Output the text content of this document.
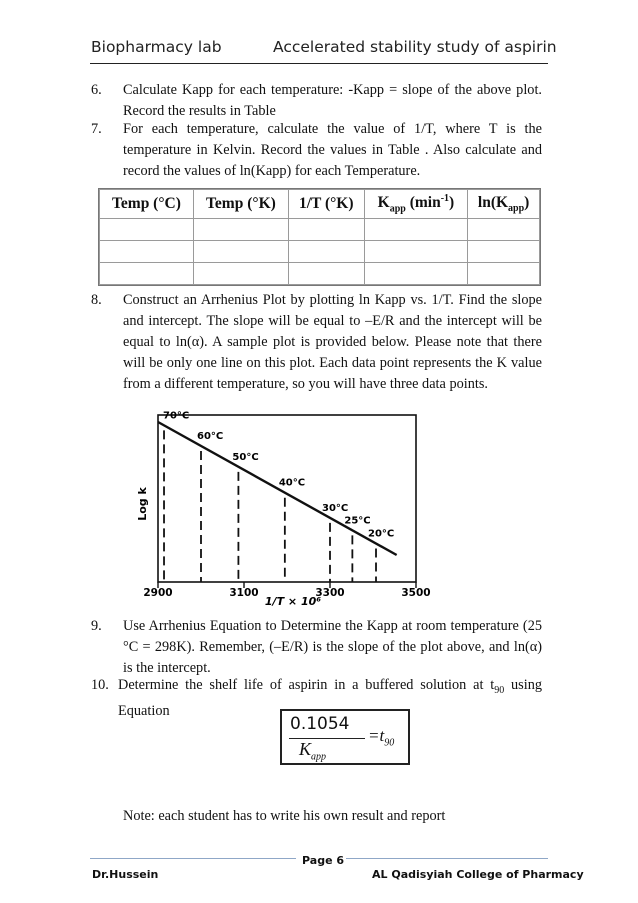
Biopharmacy lab	Accelerated stability study of aspirin
6. Calculate Kapp for each temperature: -Kapp = slope of the above plot. Record the results in Table
7. For each temperature, calculate the value of 1/T, where T is the temperature in Kelvin. Record the values in Table . Also calculate and record the values of ln(Kapp) for each Temperature.
Temp (°C)	Temp (°K)	1/T (°K)	$K_{app}$ $(\min^{-1})$	$\ln(K_{app})$

8. Construct an Arrhenius Plot by plotting ln Kapp vs. 1/T. Find the slope and intercept. The slope will be equal to –E/R and the intercept will be equal to ln(α). A sample plot is provided below. Please note that there will be only one line on this plot. Each data point represents the K value from a different temperature, so you will have three data points.
70°C
60°C
50°C
40°C
30°C
25°C
20°C
2900	3100	3300	3500
1/T × 10⁶
Log k
9. Use Arrhenius Equation to Determine the Kapp at room temperature (25 °C = 298K). Remember, (–E/R) is the slope of the plot above, and ln(α) is the intercept.
10. Determine the shelf life of aspirin in a buffered solution at $t_{90}$ using Equation
0.1054
$K_{app}$
$=t_{90}$
Note: each student has to write his own result and report
Page 6
Dr.Hussein	AL Qadisyiah College of Pharmacy
